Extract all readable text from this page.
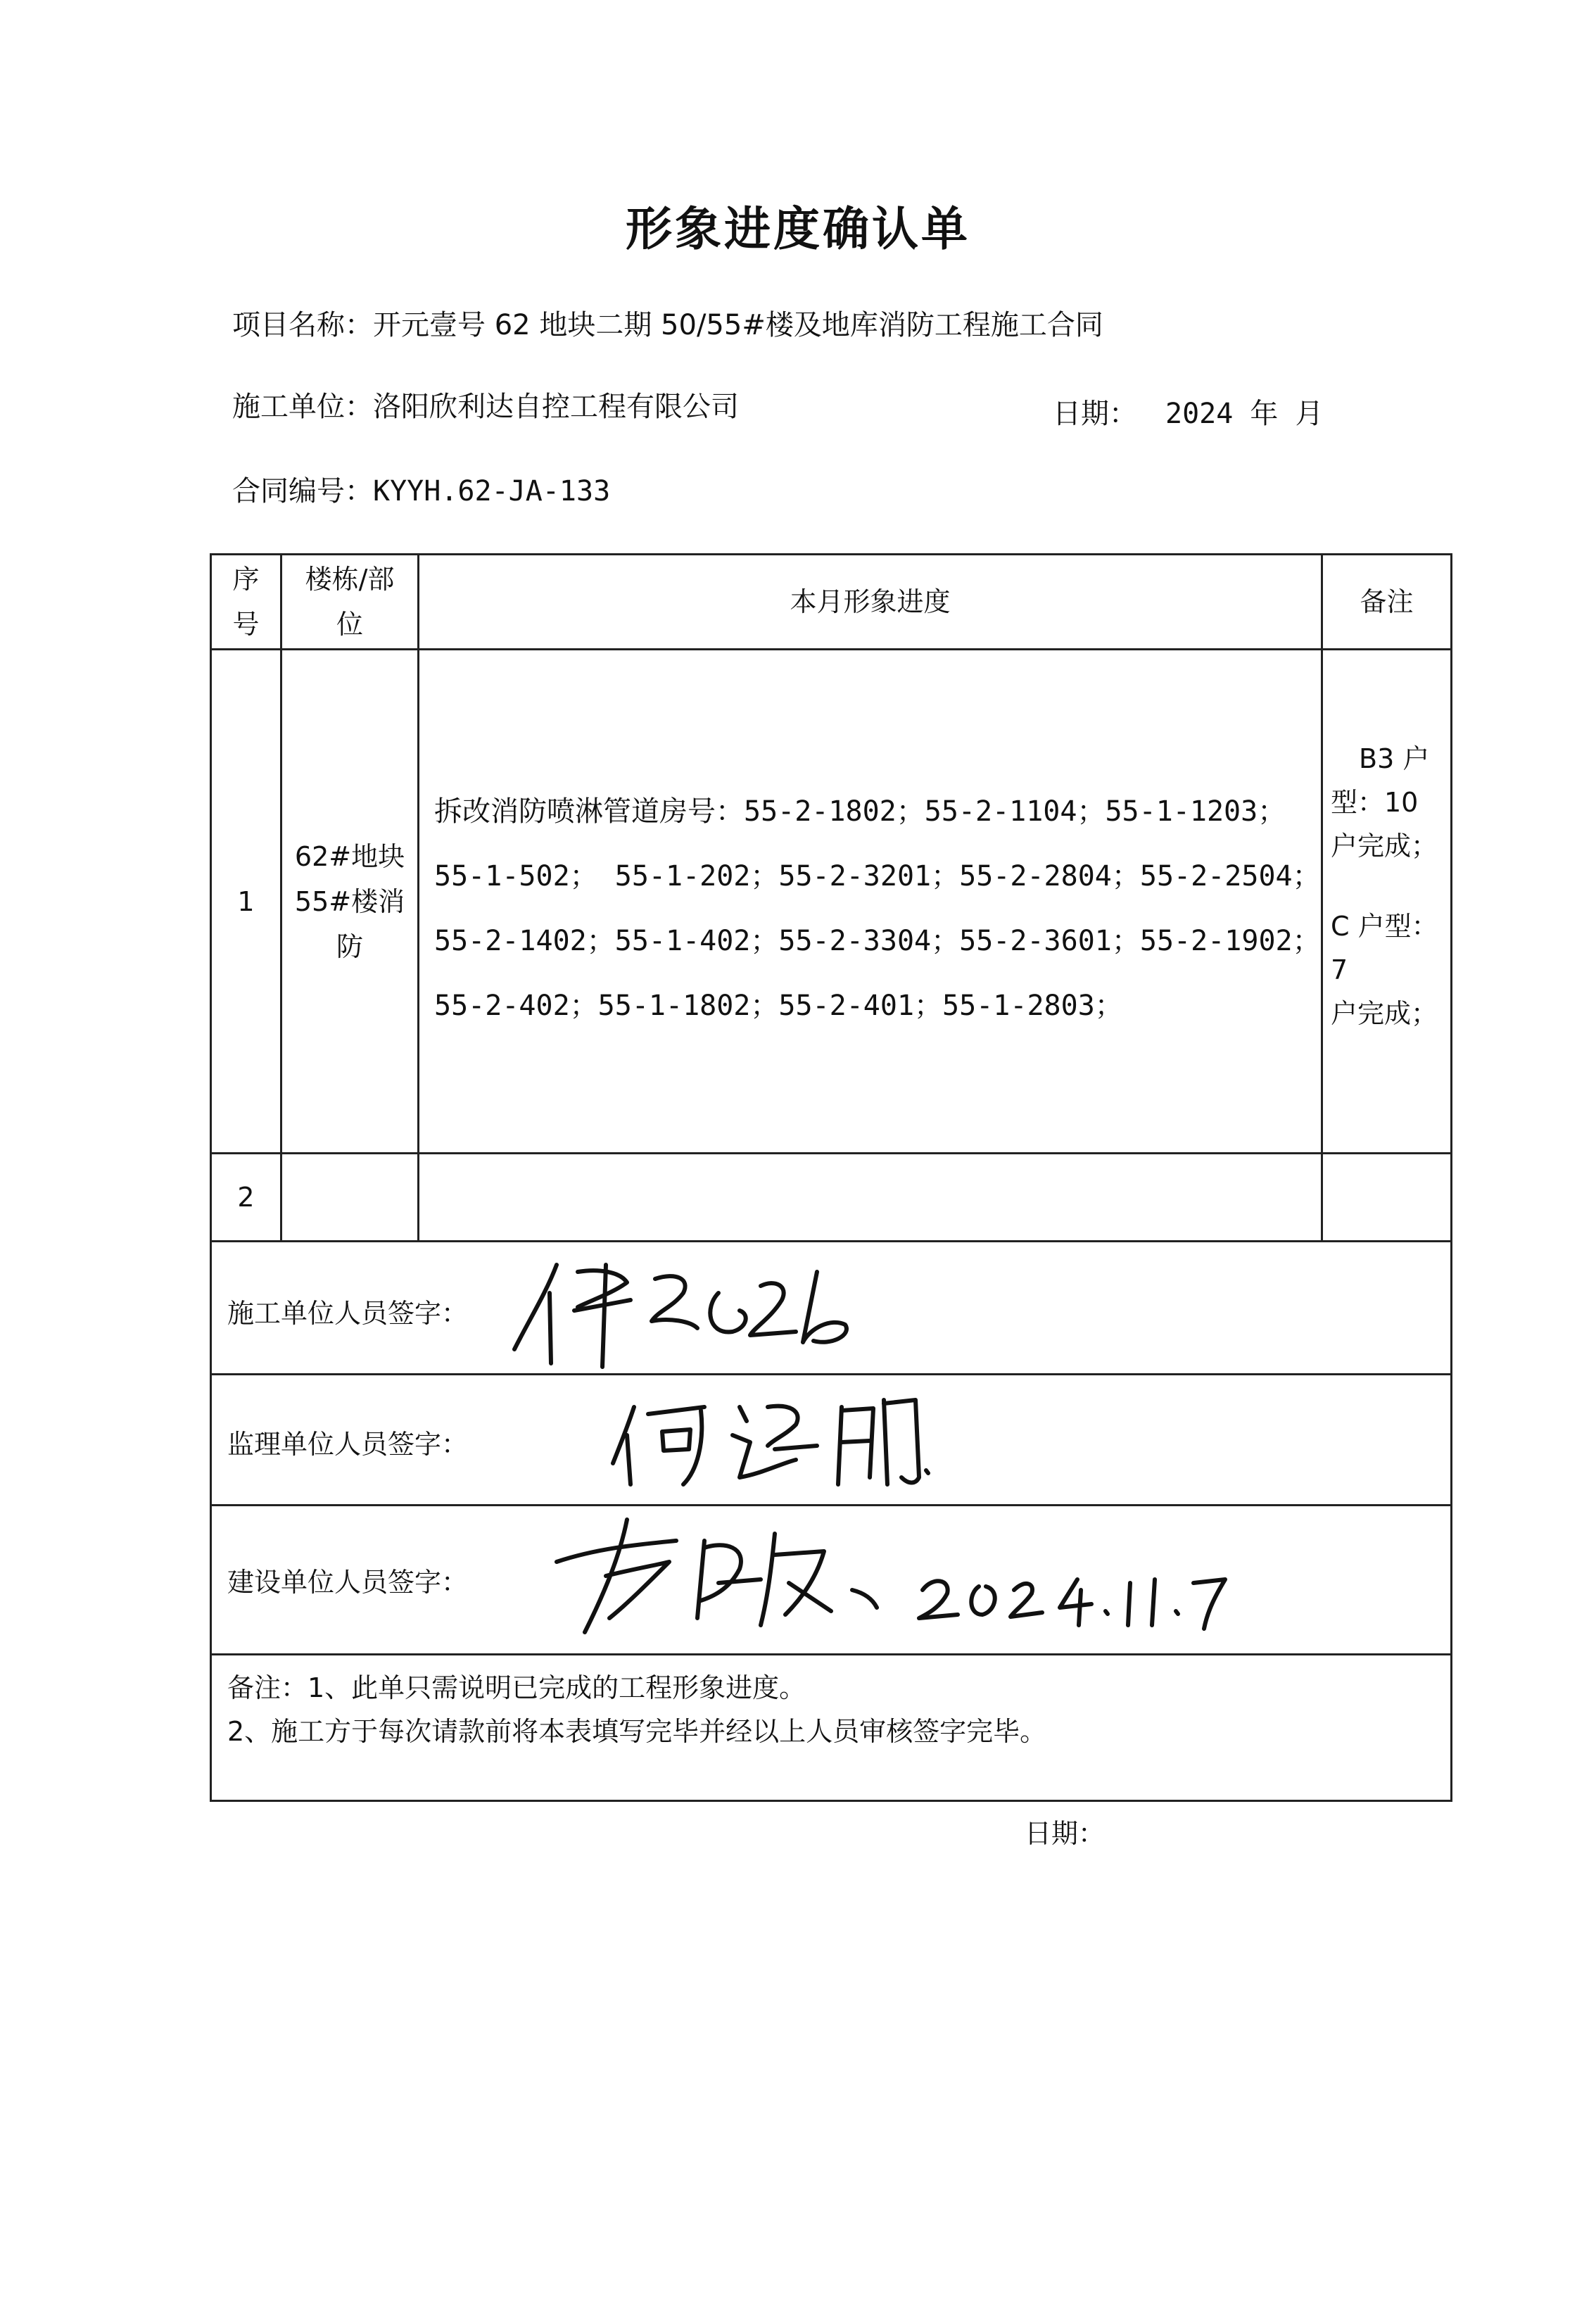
形象进度确认单
项目名称：开元壹号 62 地块二期 50/55#楼及地库消防工程施工合同
施工单位：洛阳欣利达自控工程有限公司	日期： 2024 年 月
合同编号：KYYH.62-JA-133
序
号
楼栋/部
位
本月形象进度	备注
1
62#地块
55#楼消
防
拆改消防喷淋管道房号：55-2-1802；55-2-1104；55-1-1203；
55-1-502； 55-1-202；55-2-3201；55-2-2804；55-2-2504；
55-2-1402；55-1-402；55-2-3304；55-2-3601；55-2-1902；
55-2-402；55-1-1802；55-2-401；55-1-2803；
B3 户
型：10
户完成；
C 户型：7
户完成；
2
施工单位人员签字：
监理单位人员签字：
建设单位人员签字：
备注：1、此单只需说明已完成的工程形象进度。
2、施工方于每次请款前将本表填写完毕并经以上人员审核签字完毕。
日期：
